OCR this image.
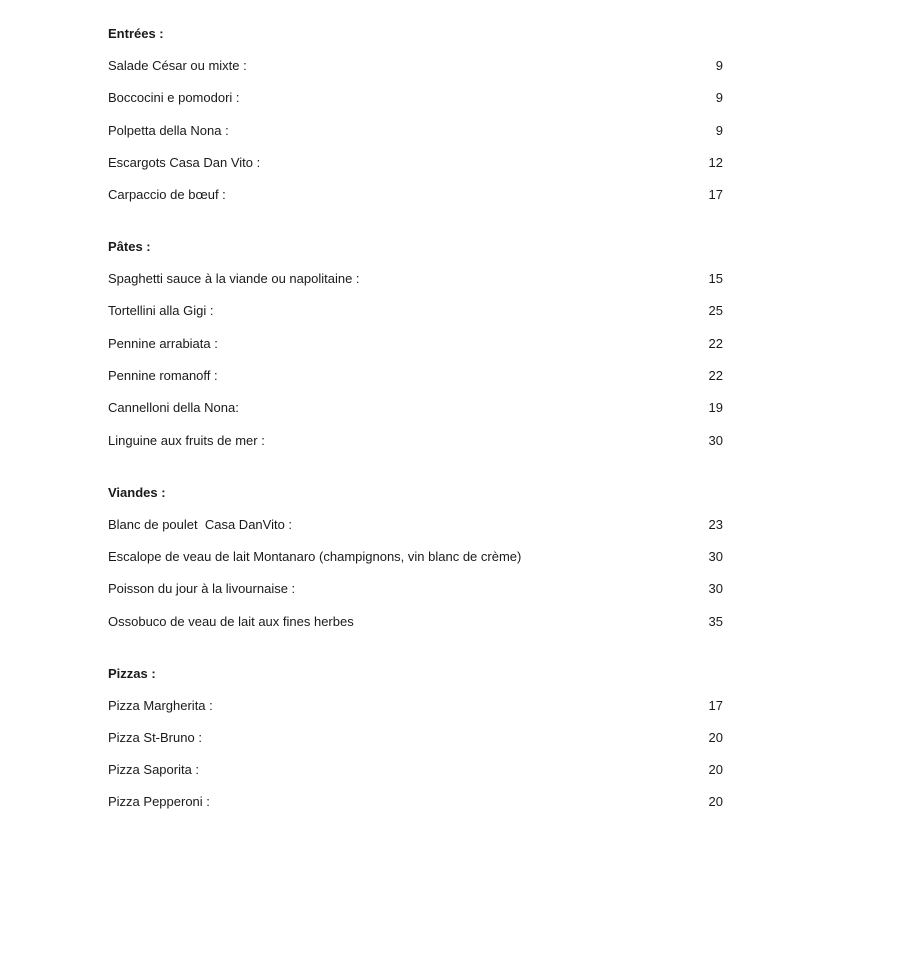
Entrées :
Salade César ou mixte :	9
Boccocini e pomodori :	9
Polpetta della Nona :	9
Escargots Casa Dan Vito :	12
Carpaccio de bœuf :	17
Pâtes :
Spaghetti sauce à la viande ou napolitaine :	15
Tortellini alla Gigi :	25
Pennine arrabiata :	22
Pennine romanoff :	22
Cannelloni della Nona:	19
Linguine aux fruits de mer :	30
Viandes :
Blanc de poulet  Casa DanVito :	23
Escalope de veau de lait Montanaro (champignons, vin blanc de crème)	30
Poisson du jour à la livournaise :	30
Ossobuco de veau de lait aux fines herbes	35
Pizzas :
Pizza Margherita :	17
Pizza St-Bruno :	20
Pizza Saporita :	20
Pizza Pepperoni :	20
